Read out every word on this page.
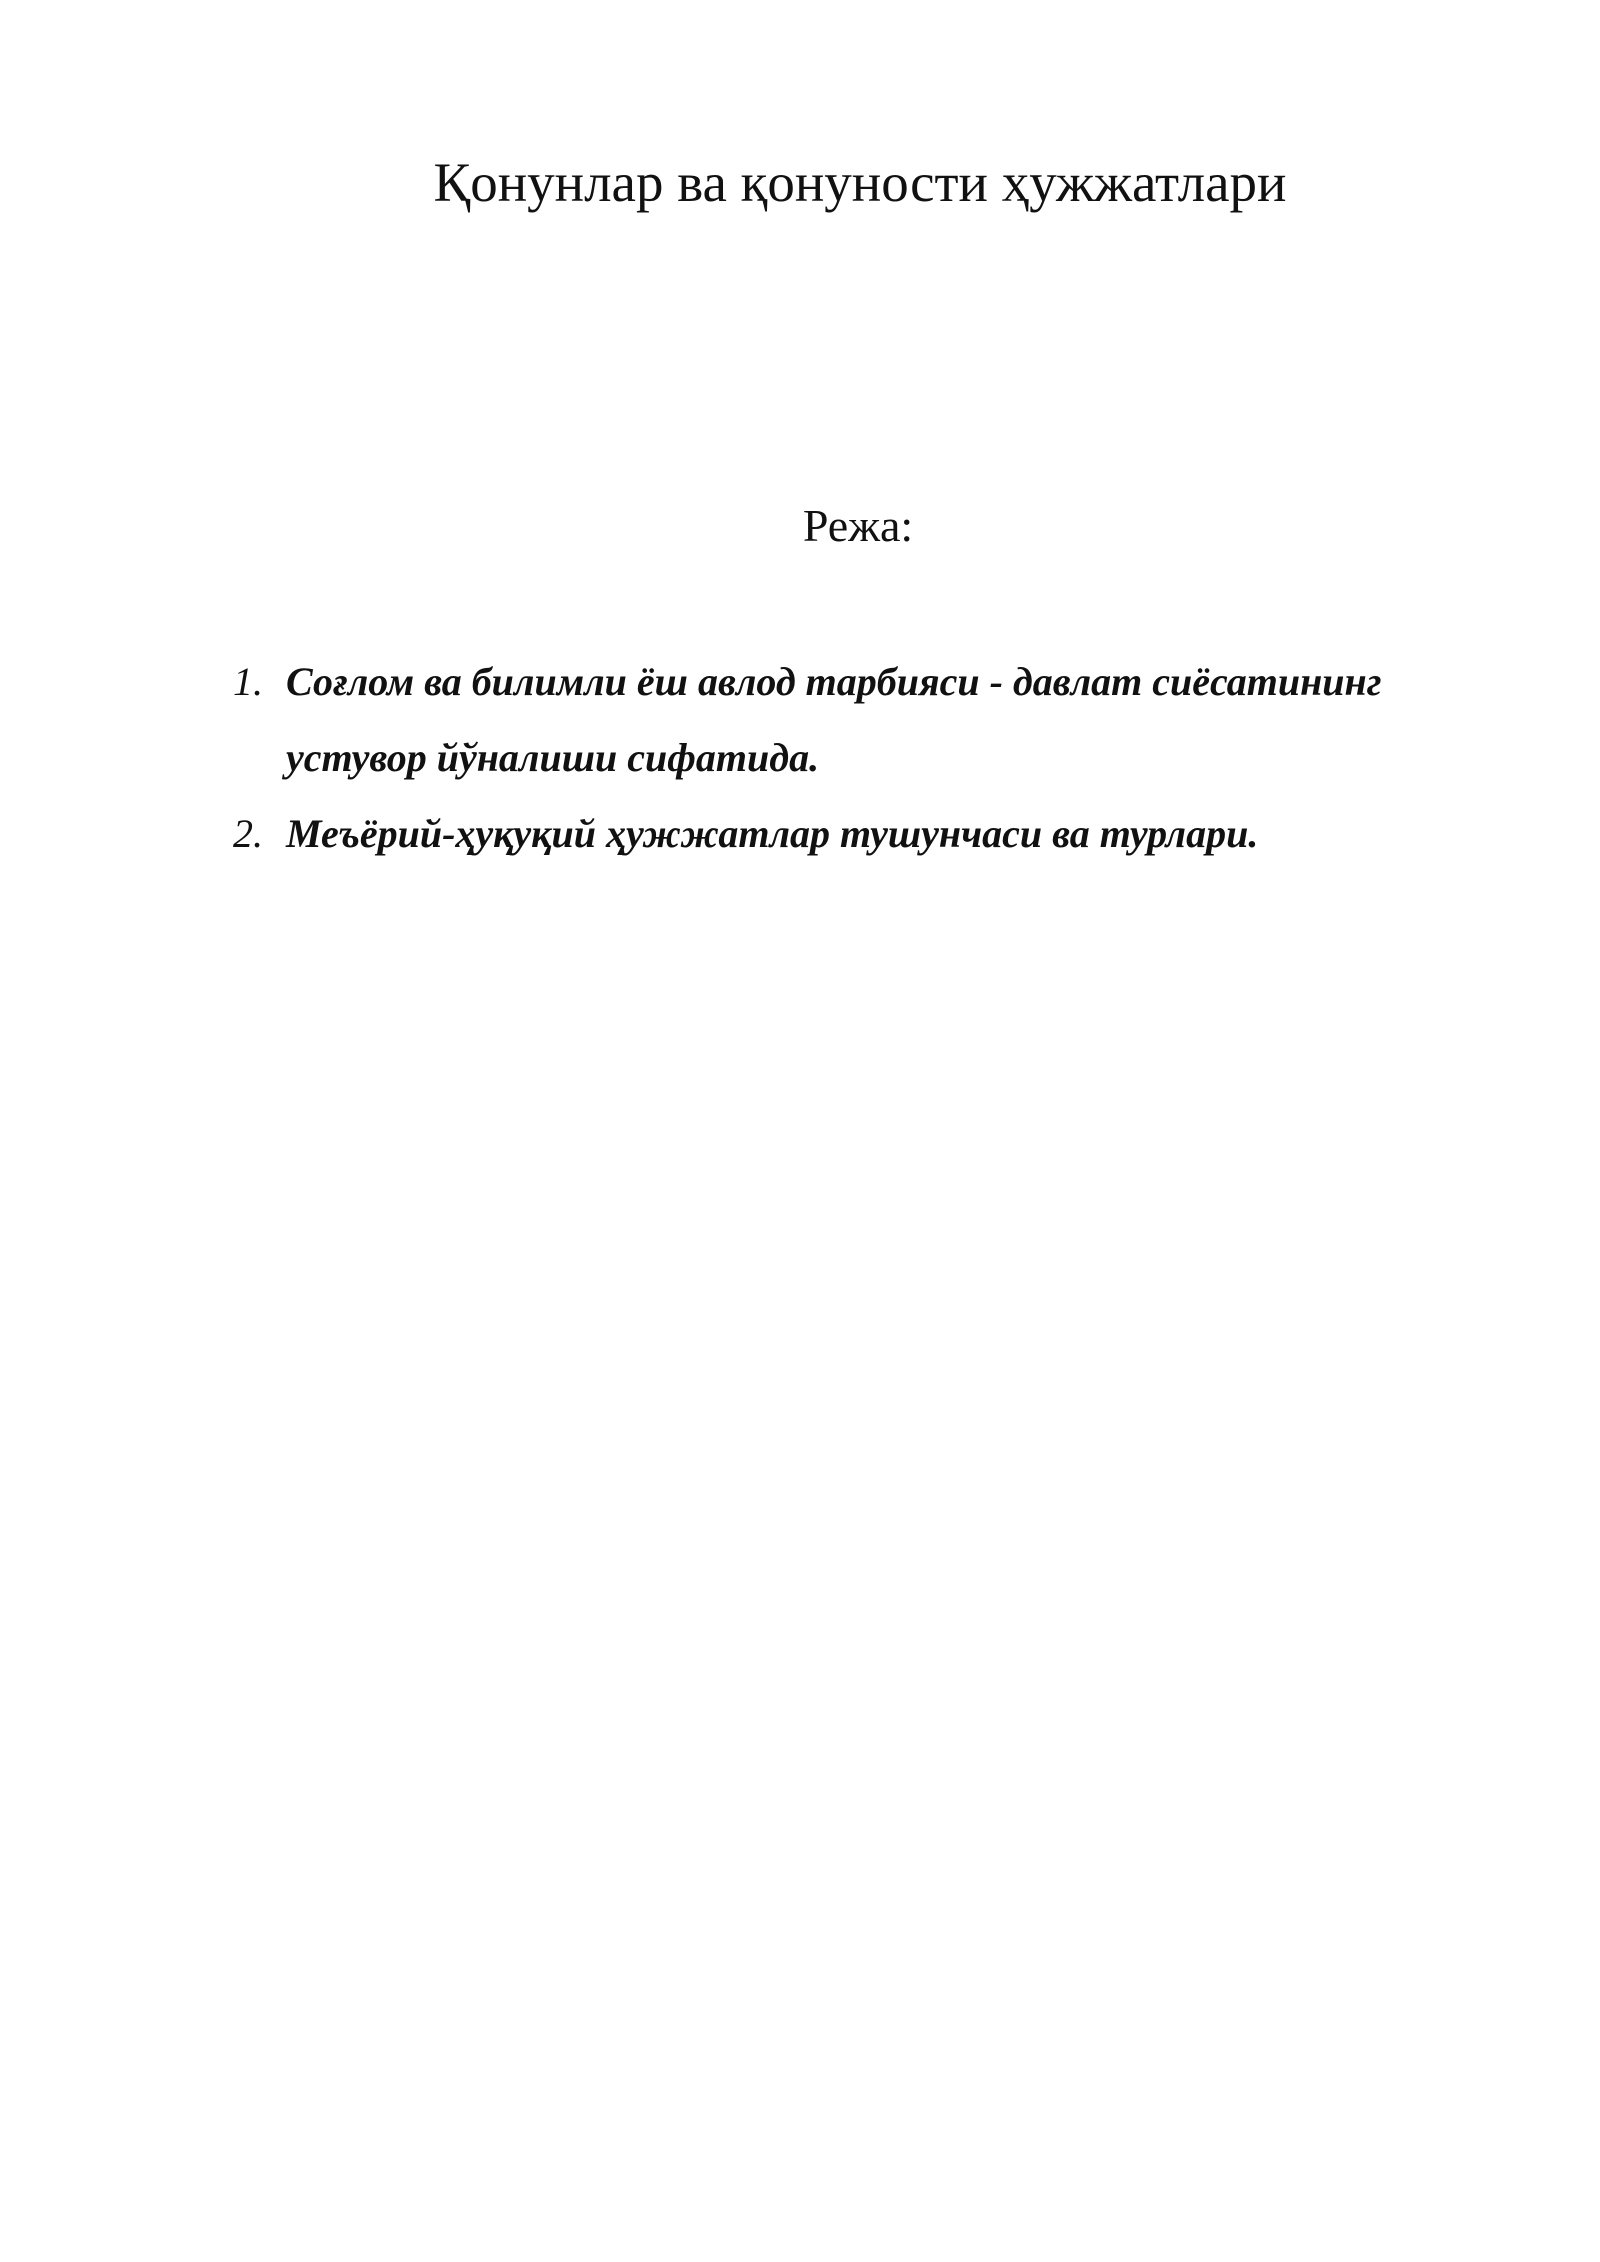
Қонунлар ва қонуности ҳужжатлари
Режа:
1. Соғлом ва билимли ёш авлод тарбияси - давлат сиёсатининг устувор йўналиши сифатида.
2. Меъёрий-ҳуқуқий ҳужжатлар тушунчаси ва турлари.
